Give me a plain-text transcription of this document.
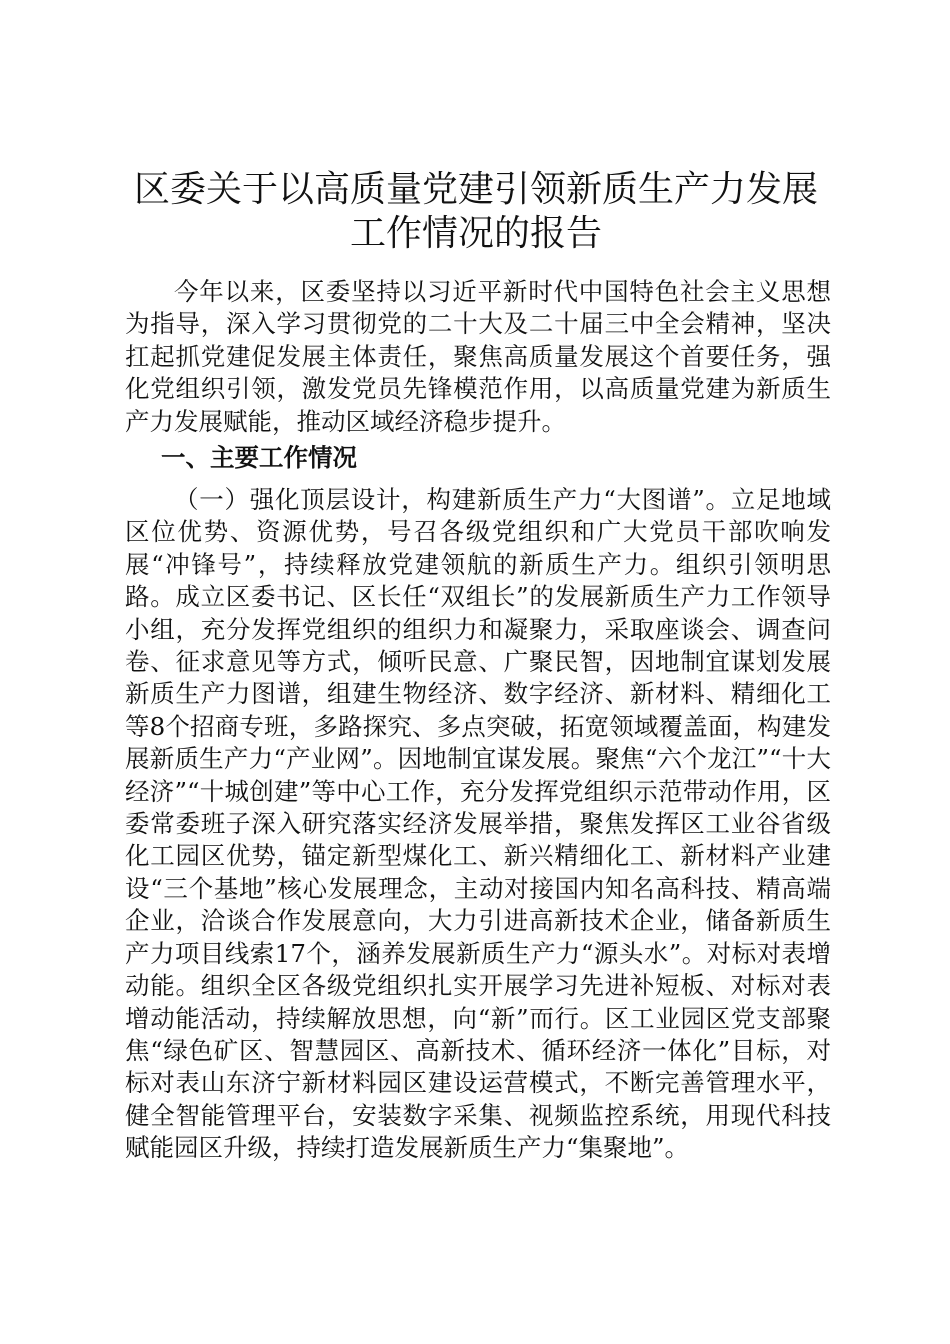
区委关于以高质量党建引领新质生产力发展工作情况的报告

今年以来，区委坚持以习近平新时代中国特色社会主义思想为指导，深入学习贯彻党的二十大及二十届三中全会精神，坚决扛起抓党建促发展主体责任，聚焦高质量发展这个首要任务，强化党组织引领，激发党员先锋模范作用，以高质量党建为新质生产力发展赋能，推动区域经济稳步提升。

一、主要工作情况

（一）强化顶层设计，构建新质生产力“大图谱”。立足地域区位优势、资源优势，号召各级党组织和广大党员干部吹响发展“冲锋号”，持续释放党建领航的新质生产力。组织引领明思路。成立区委书记、区长任“双组长”的发展新质生产力工作领导小组，充分发挥党组织的组织力和凝聚力，采取座谈会、调查问卷、征求意见等方式，倾听民意、广聚民智，因地制宜谋划发展新质生产力图谱，组建生物经济、数字经济、新材料、精细化工等8个招商专班，多路探究、多点突破，拓宽领域覆盖面，构建发展新质生产力“产业网”。因地制宜谋发展。聚焦“六个龙江”“十大经济”“十城创建”等中心工作，充分发挥党组织示范带动作用，区委常委班子深入研究落实经济发展举措，聚焦发挥区工业谷省级化工园区优势，锚定新型煤化工、新兴精细化工、新材料产业建设“三个基地”核心发展理念，主动对接国内知名高科技、精高端企业，洽谈合作发展意向，大力引进高新技术企业，储备新质生产力项目线索17个，涵养发展新质生产力“源头水”。对标对表增动能。组织全区各级党组织扎实开展学习先进补短板、对标对表增动能活动，持续解放思想，向“新”而行。区工业园区党支部聚焦“绿色矿区、智慧园区、高新技术、循环经济一体化”目标，对标对表山东济宁新材料园区建设运营模式，不断完善管理水平，健全智能管理平台，安装数字采集、视频监控系统，用现代科技赋能园区升级，持续打造发展新质生产力“集聚地”。
